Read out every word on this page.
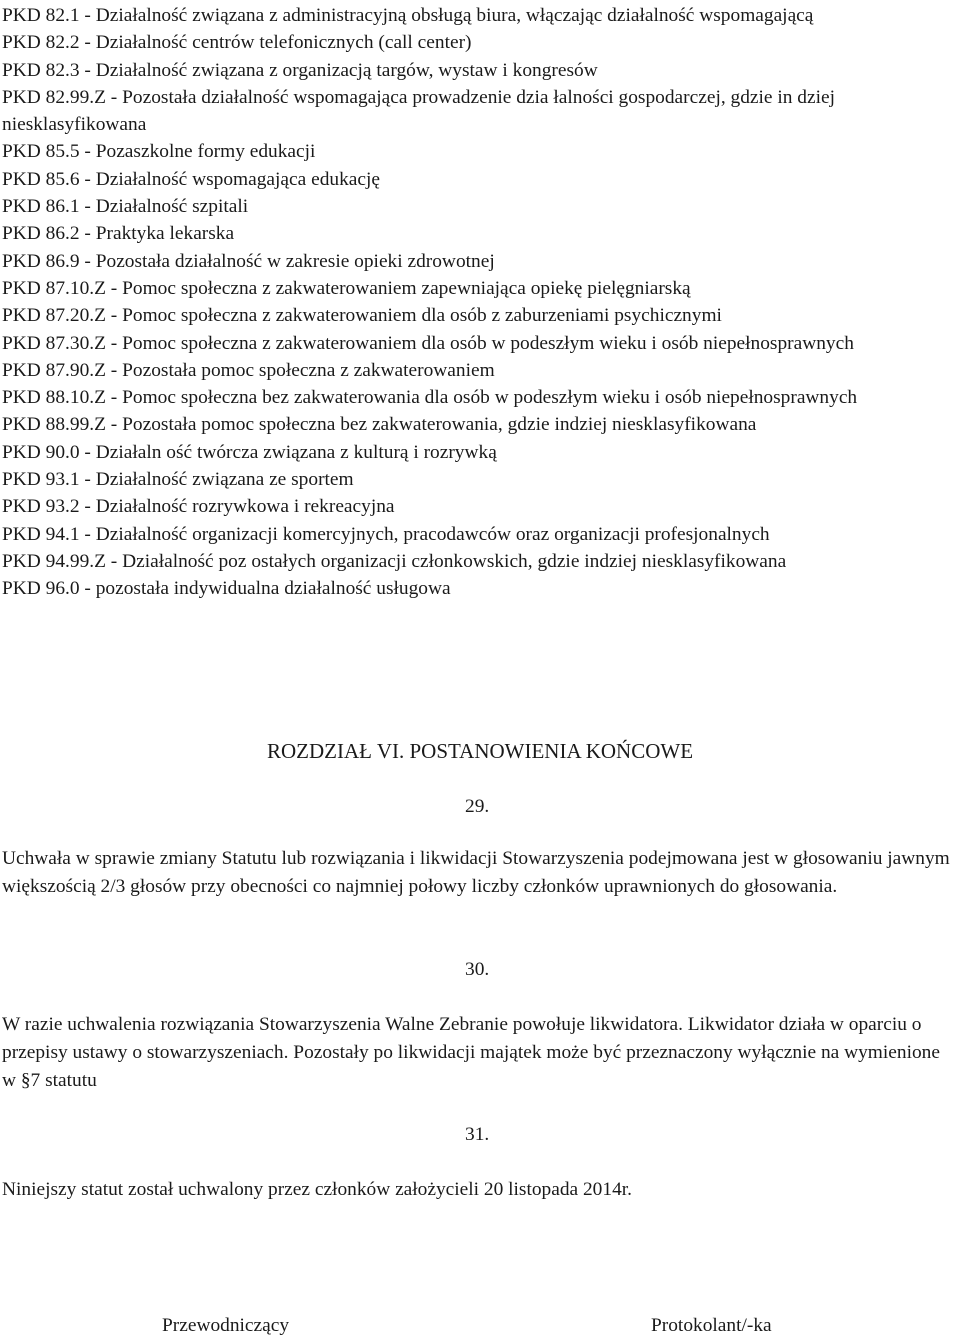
PKD 82.1 - Działalność związana z administracyjną obsługą biura, włączając działalność wspomagającą
PKD 82.2 - Działalność centrów telefonicznych (call center)
PKD 82.3 - Działalność związana z organizacją targów, wystaw i kongresów
PKD 82.99.Z - Pozostała działalność wspomagająca prowadzenie dzia łalności gospodarczej, gdzie in dziej niesklasyfikowana
PKD 85.5 - Pozaszkolne formy edukacji
PKD 85.6 - Działalność wspomagająca edukację
PKD 86.1 - Działalność szpitali
PKD 86.2 - Praktyka lekarska
PKD 86.9 - Pozostała działalność w zakresie opieki zdrowotnej
PKD 87.10.Z - Pomoc społeczna z zakwaterowaniem zapewniająca opiekę pielęgniarską
PKD 87.20.Z - Pomoc społeczna z zakwaterowaniem dla osób z zaburzeniami psychicznymi
PKD 87.30.Z - Pomoc społeczna z zakwaterowaniem dla osób w podeszłym wieku i osób niepełnosprawnych
PKD 87.90.Z - Pozostała pomoc społeczna z zakwaterowaniem
PKD 88.10.Z - Pomoc społeczna bez zakwaterowania dla osób w podeszłym wieku i osób niepełnosprawnych
PKD 88.99.Z - Pozostała pomoc społeczna bez zakwaterowania, gdzie indziej niesklasyfikowana
PKD 90.0 - Działaln ość twórcza związana z kulturą i rozrywką
PKD 93.1 - Działalność związana ze sportem
PKD 93.2 - Działalność rozrywkowa i rekreacyjna
PKD 94.1 - Działalność organizacji komercyjnych, pracodawców oraz organizacji profesjonalnych
PKD 94.99.Z - Działalność poz ostałych organizacji członkowskich, gdzie indziej niesklasyfikowana
PKD 96.0 - pozostała indywidualna działalność usługowa
ROZDZIAŁ VI. POSTANOWIENIA KOŃCOWE
29.

Uchwała w sprawie zmiany Statutu lub rozwiązania i likwidacji Stowarzyszenia podejmowana jest w głosowaniu jawnym większością 2/3 głosów przy obecności co najmniej połowy liczby członków uprawnionych do głosowania.

30.

W razie uchwalenia rozwiązania Stowarzyszenia Walne Zebranie powołuje likwidatora. Likwidator działa w oparciu o przepisy ustawy o stowarzyszeniach. Pozostały po likwidacji majątek może być przeznaczony wyłącznie na wymienione w §7 statutu

31.

Niniejszy statut został uchwalony przez członków założycieli 20 listopada 2014r.

Przewodniczący	Protokolant/-ka
